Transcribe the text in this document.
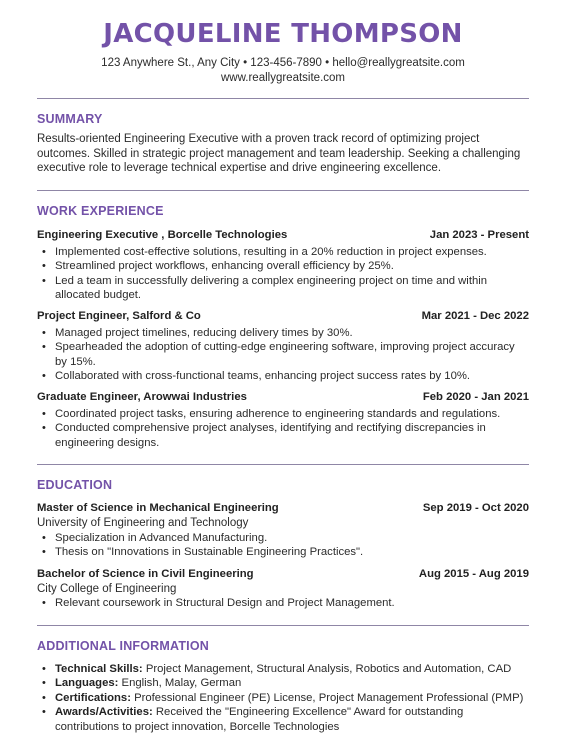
JACQUELINE THOMPSON
123 Anywhere St., Any City • 123-456-7890 • hello@reallygreatsite.com
www.reallygreatsite.com
SUMMARY
Results-oriented Engineering Executive with a proven track record of optimizing project outcomes. Skilled in strategic project management and team leadership. Seeking a challenging executive role to leverage technical expertise and drive engineering excellence.
WORK EXPERIENCE
Engineering Executive , Borcelle Technologies	Jan 2023 - Present
• Implemented cost-effective solutions, resulting in a 20% reduction in project expenses.
• Streamlined project workflows, enhancing overall efficiency by 25%.
• Led a team in successfully delivering a complex engineering project on time and within allocated budget.
Project Engineer, Salford & Co	Mar 2021 - Dec 2022
• Managed project timelines, reducing delivery times by 30%.
• Spearheaded the adoption of cutting-edge engineering software, improving project accuracy by 15%.
• Collaborated with cross-functional teams, enhancing project success rates by 10%.
Graduate Engineer, Arowwai Industries	Feb 2020 - Jan 2021
• Coordinated project tasks, ensuring adherence to engineering standards and regulations.
• Conducted comprehensive project analyses, identifying and rectifying discrepancies in engineering designs.
EDUCATION
Master of Science in Mechanical Engineering	Sep 2019 - Oct 2020
University of Engineering and Technology
• Specialization in Advanced Manufacturing.
• Thesis on "Innovations in Sustainable Engineering Practices".
Bachelor of Science in Civil Engineering	Aug 2015 - Aug 2019
City College of Engineering
• Relevant coursework in Structural Design and Project Management.
ADDITIONAL INFORMATION
• Technical Skills: Project Management, Structural Analysis, Robotics and Automation, CAD
• Languages: English, Malay, German
• Certifications: Professional Engineer (PE) License, Project Management Professional (PMP)
• Awards/Activities: Received the "Engineering Excellence" Award for outstanding contributions to project innovation, Borcelle Technologies
